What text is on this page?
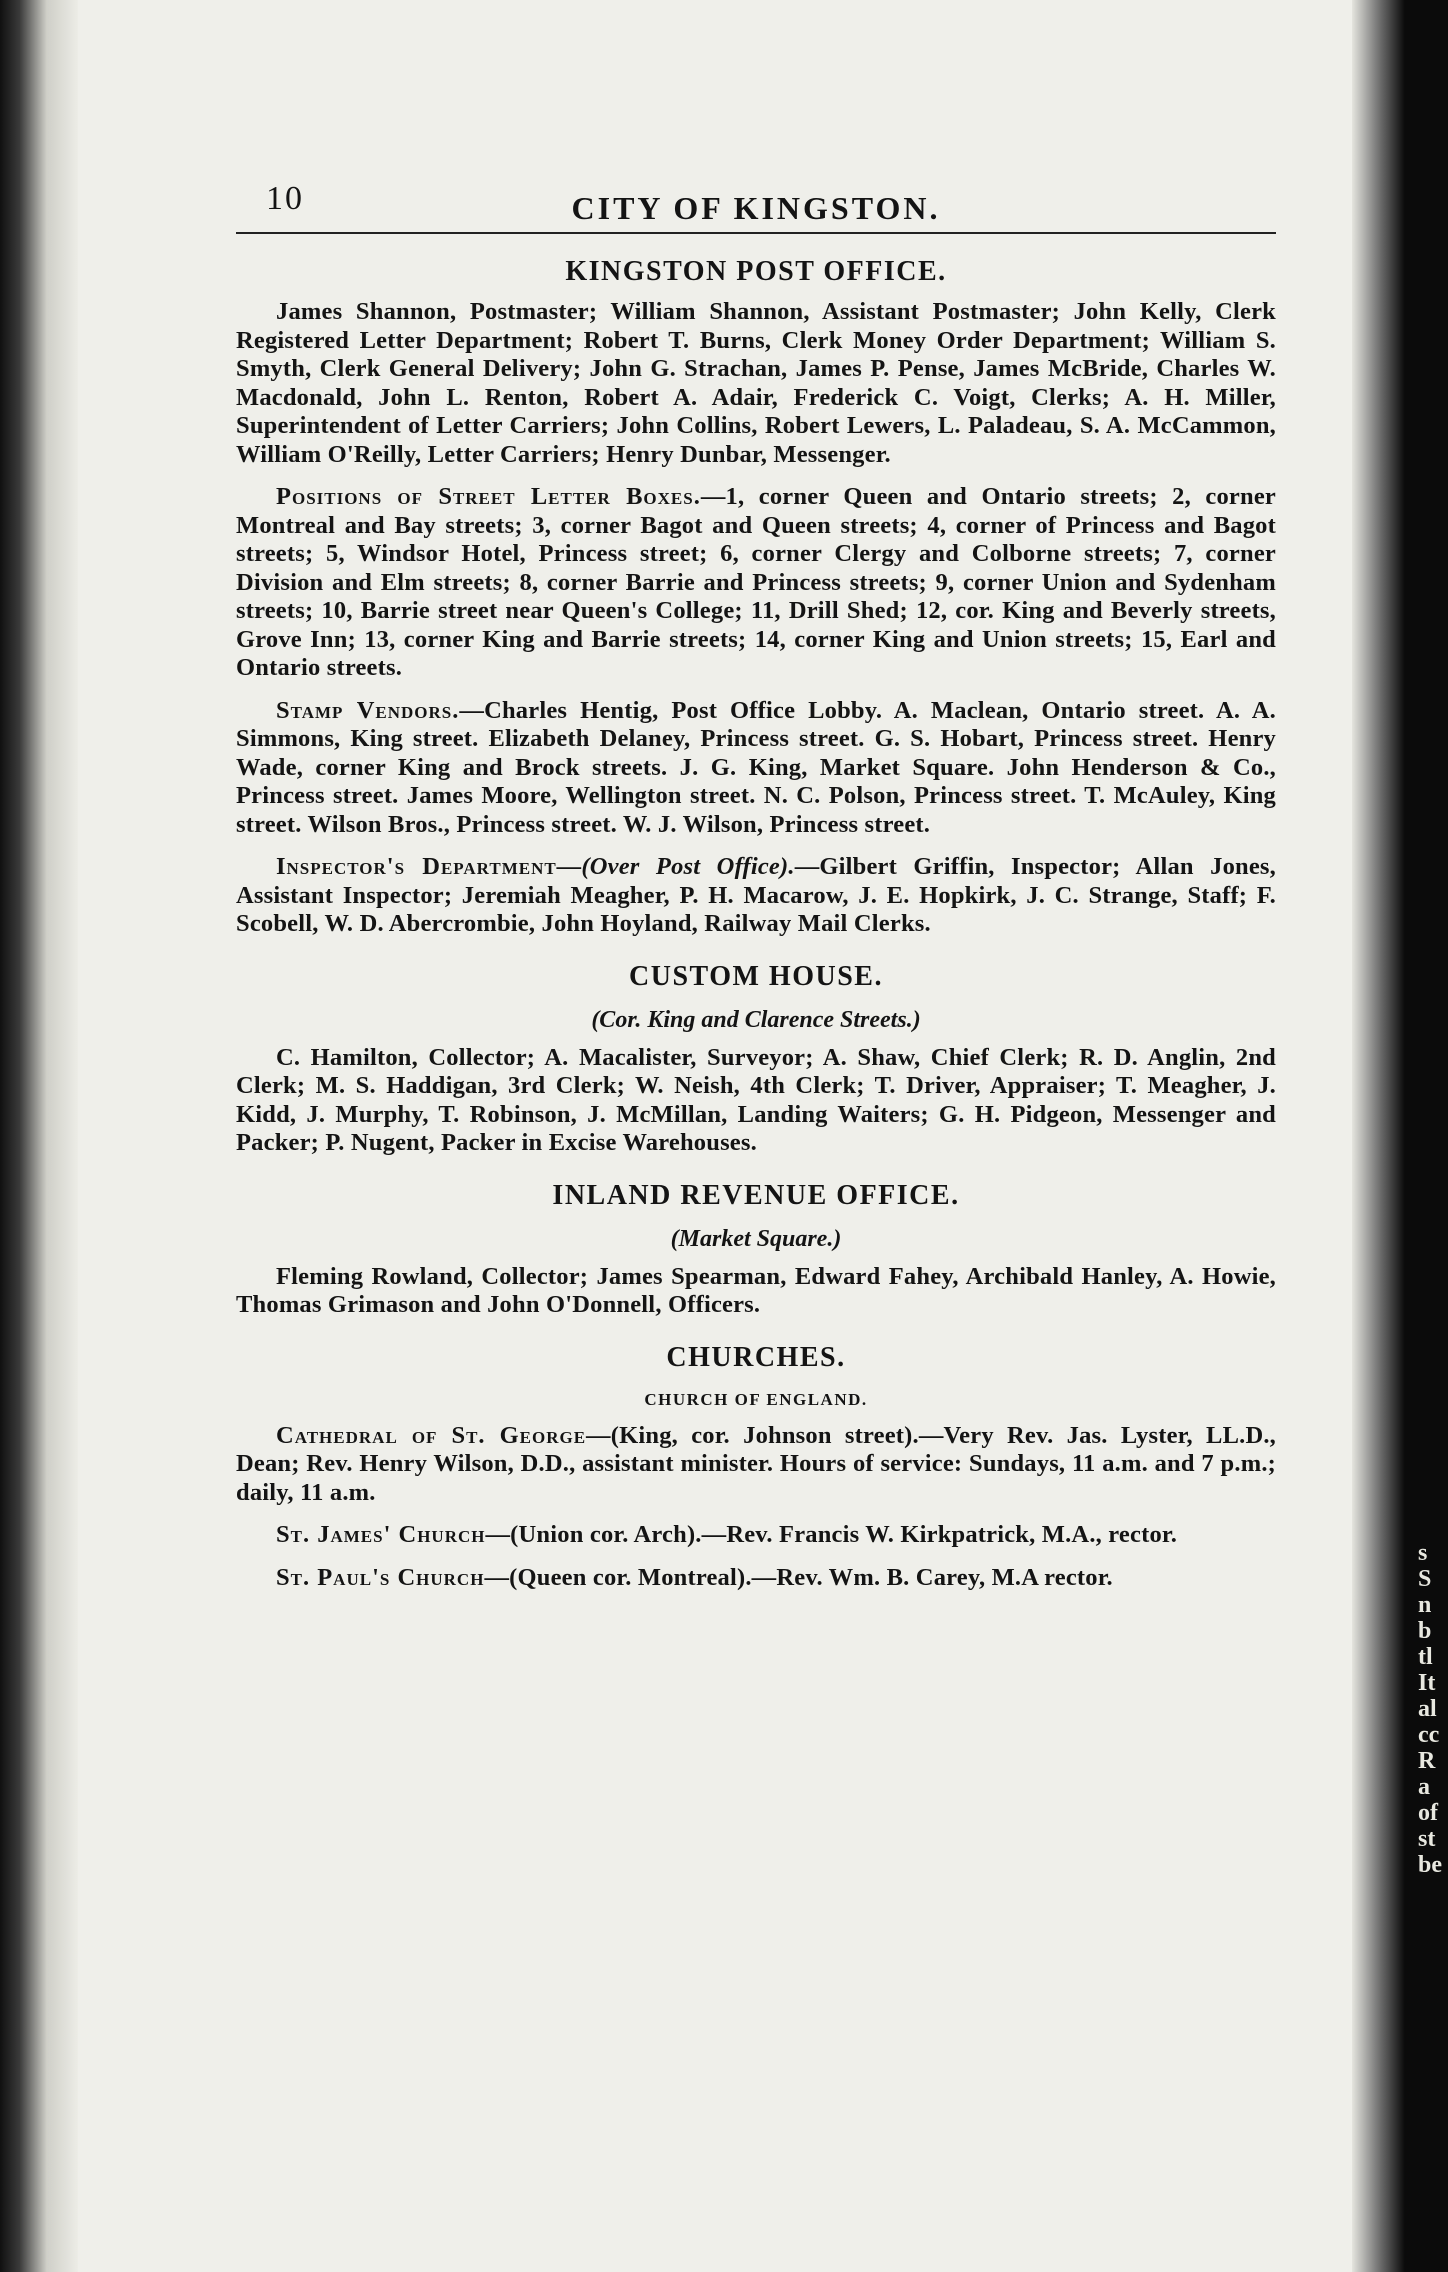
s
S
n
b
tl
It
al
cc
R
a
of
st
be
10	CITY OF KINGSTON.
KINGSTON POST OFFICE.

James Shannon, Postmaster; William Shannon, Assistant Postmaster; John Kelly, Clerk Registered Letter Department; Robert T. Burns, Clerk Money Order Department; William S. Smyth, Clerk General Delivery; John G. Strachan, James P. Pense, James McBride, Charles W. Macdonald, John L. Renton, Robert A. Adair, Frederick C. Voigt, Clerks; A. H. Miller, Superintendent of Letter Carriers; John Collins, Robert Lewers, L. Paladeau, S. A. McCammon, William O'Reilly, Letter Carriers; Henry Dunbar, Messenger.

Positions of Street Letter Boxes.—1, corner Queen and Ontario streets; 2, corner Montreal and Bay streets; 3, corner Bagot and Queen streets; 4, corner of Princess and Bagot streets; 5, Windsor Hotel, Princess street; 6, corner Clergy and Colborne streets; 7, corner Division and Elm streets; 8, corner Barrie and Princess streets; 9, corner Union and Sydenham streets; 10, Barrie street near Queen's College; 11, Drill Shed; 12, cor. King and Beverly streets, Grove Inn; 13, corner King and Barrie streets; 14, corner King and Union streets; 15, Earl and Ontario streets.

Stamp Vendors.—Charles Hentig, Post Office Lobby. A. Maclean, Ontario street. A. A. Simmons, King street. Elizabeth Delaney, Princess street. G. S. Hobart, Princess street. Henry Wade, corner King and Brock streets. J. G. King, Market Square. John Henderson & Co., Princess street. James Moore, Wellington street. N. C. Polson, Princess street. T. McAuley, King street. Wilson Bros., Princess street. W. J. Wilson, Princess street.

Inspector's Department—(Over Post Office).—Gilbert Griffin, Inspector; Allan Jones, Assistant Inspector; Jeremiah Meagher, P. H. Macarow, J. E. Hopkirk, J. C. Strange, Staff; F. Scobell, W. D. Abercrombie, John Hoyland, Railway Mail Clerks.

CUSTOM HOUSE.
(Cor. King and Clarence Streets.)

C. Hamilton, Collector; A. Macalister, Surveyor; A. Shaw, Chief Clerk; R. D. Anglin, 2nd Clerk; M. S. Haddigan, 3rd Clerk; W. Neish, 4th Clerk; T. Driver, Appraiser; T. Meagher, J. Kidd, J. Murphy, T. Robinson, J. McMillan, Landing Waiters; G. H. Pidgeon, Messenger and Packer; P. Nugent, Packer in Excise Warehouses.

INLAND REVENUE OFFICE.
(Market Square.)

Fleming Rowland, Collector; James Spearman, Edward Fahey, Archibald Hanley, A. Howie, Thomas Grimason and John O'Donnell, Officers.

CHURCHES.
CHURCH OF ENGLAND.

Cathedral of St. George—(King, cor. Johnson street).—Very Rev. Jas. Lyster, LL.D., Dean; Rev. Henry Wilson, D.D., assistant minister. Hours of service: Sundays, 11 a.m. and 7 p.m.; daily, 11 a.m.

St. James' Church—(Union cor. Arch).—Rev. Francis W. Kirkpatrick, M.A., rector.

St. Paul's Church—(Queen cor. Montreal).—Rev. Wm. B. Carey, M.A rector.
